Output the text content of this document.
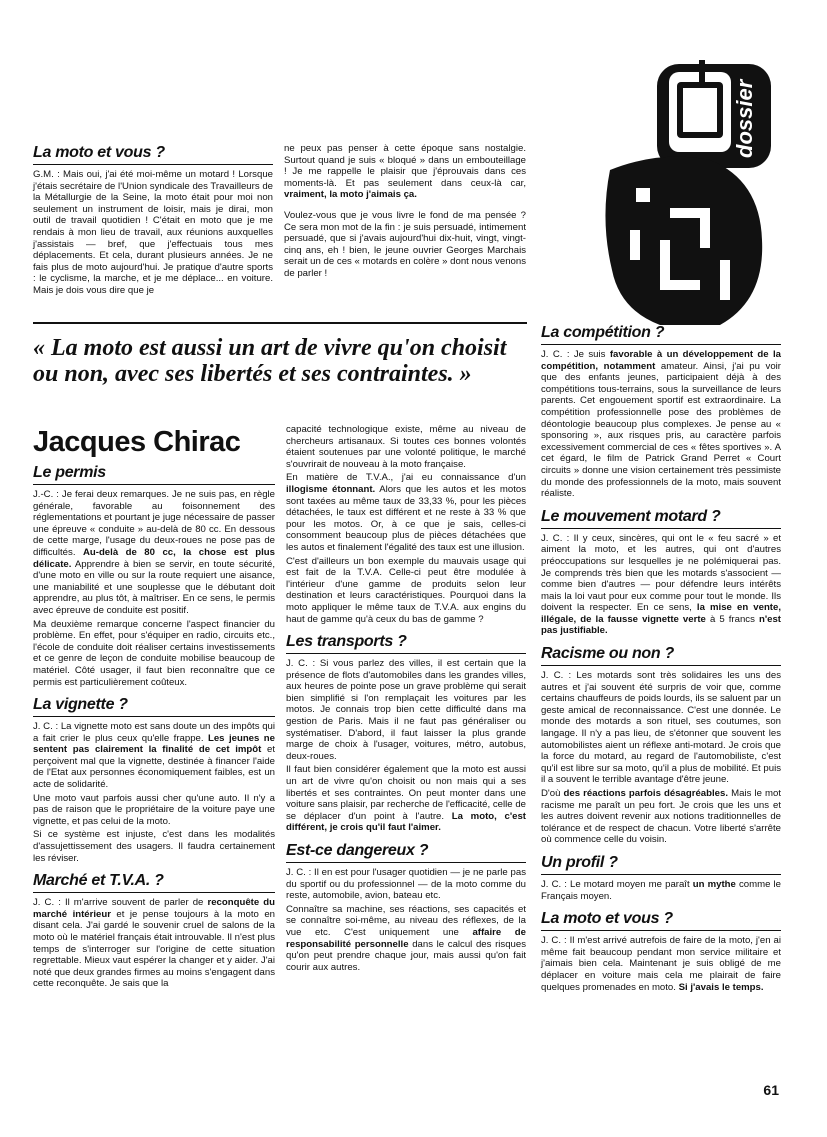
dossier
La moto et vous ?

G.M. : Mais oui, j'ai été moi-même un motard ! Lorsque j'étais secrétaire de l'Union syndicale des Travailleurs de la Métallurgie de la Seine, la moto était pour moi non seulement un instrument de loisir, mais je dirai, mon outil de travail quotidien ! C'était en moto que je me rendais à mon lieu de travail, aux réunions auxquelles j'assistais — bref, que j'effectuais tous mes déplacements. Et cela, durant plusieurs années. Je ne fais plus de moto aujourd'hui. Je pratique d'autre sports : le cyclisme, la marche, et je me déplace... en voiture. Mais je dois vous dire que je

ne peux pas penser à cette époque sans nostalgie. Surtout quand je suis « bloqué » dans un embouteillage ! Je me rappelle le plaisir que j'éprouvais dans ces moments-là. Et pas seulement dans ceux-là car, vraiment, la moto j'aimais ça.

Voulez-vous que je vous livre le fond de ma pensée ? Ce sera mon mot de la fin : je suis persuadé, intimement persuadé, que si j'avais aujourd'hui dix-huit, vingt, vingt-cinq ans, eh ! bien, le jeune ouvrier Georges Marchais serait un de ces « motards en colère » dont nous venons de parler !

« La moto est aussi un art de vivre qu'on choisit ou non, avec ses libertés et ses contraintes. »
Jacques Chirac
Le permis

J.-C. : Je ferai deux remarques. Je ne suis pas, en règle générale, favorable au foisonnement des réglementations et pourtant je juge nécessaire de passer une épreuve « conduite » au-delà de 80 cc. En dessous de cette marge, l'usage du deux-roues ne pose pas de difficultés. Au-delà de 80 cc, la chose est plus délicate. Apprendre à bien se servir, en toute sécurité, d'une moto en ville ou sur la route requiert une aisance, une maniabilité et une souplesse que le débutant doit apprendre, au plus tôt, à maîtriser. En ce sens, le permis avec épreuve de conduite est positif.

Ma deuxième remarque concerne l'aspect financier du problème. En effet, pour s'équiper en radio, circuits etc., l'école de conduite doit réaliser certains investissements et ce genre de leçon de conduite mobilise beaucoup de matériel. Côté usager, il faut bien reconnaître que ce permis est particulièrement coûteux.

La vignette ?

J. C. : La vignette moto est sans doute un des impôts qui a fait crier le plus ceux qu'elle frappe. Les jeunes ne sentent pas clairement la finalité de cet impôt et perçoivent mal que la vignette, destinée à financer l'aide de l'Etat aux personnes économiquement faibles, est un acte de solidarité.

Une moto vaut parfois aussi cher qu'une auto. Il n'y a pas de raison que le propriétaire de la voiture paye une vignette, et pas celui de la moto.

Si ce système est injuste, c'est dans les modalités d'assujettissement des usagers. Il faudra certainement les réviser.

Marché et T.V.A. ?

J. C. : Il m'arrive souvent de parler de reconquête du marché intérieur et je pense toujours à la moto en disant cela. J'ai gardé le souvenir cruel de salons de la moto où le matériel français était introuvable. Il n'est plus temps de s'interroger sur l'origine de cette situation regrettable. Mieux vaut espérer la changer et y aider. J'ai noté que deux grandes firmes au moins s'engagent dans cette reconquête. Je sais que la

capacité technologique existe, même au niveau de chercheurs artisanaux. Si toutes ces bonnes volontés étaient soutenues par une volonté politique, le marché s'ouvrirait de nouveau à la moto française.

En matière de T.V.A., j'ai eu connaissance d'un illogisme étonnant. Alors que les autos et les motos sont taxées au même taux de 33,33 %, pour les pièces détachées, le taux est différent et ne reste à 33 % que pour les motos. Or, à ce que je sais, celles-ci consomment beaucoup plus de pièces détachées que les autos et finalement l'égalité des taux est une illusion.

C'est d'ailleurs un bon exemple du mauvais usage qui est fait de la T.V.A. Celle-ci peut être modulée à l'intérieur d'une gamme de produits selon leur destination et leurs caractéristiques. Pourquoi dans la moto appliquer le même taux de T.V.A. aux engins du haut de gamme qu'à ceux du bas de gamme ?

Les transports ?

J. C. : Si vous parlez des villes, il est certain que la présence de flots d'automobiles dans les grandes villes, aux heures de pointe pose un grave problème qui serait bien simplifié si l'on remplaçait les voitures par les motos. Je connais trop bien cette difficulté dans ma gestion de Paris. Mais il ne faut pas généraliser ou systématiser. D'abord, il faut laisser la plus grande marge de choix à l'usager, voitures, métro, autobus, deux-roues.

Il faut bien considérer également que la moto est aussi un art de vivre qu'on choisit ou non mais qui a ses libertés et ses contraintes. On peut monter dans une voiture sans plaisir, par recherche de l'efficacité, celle de se déplacer d'un point à l'autre. La moto, c'est différent, je crois qu'il faut l'aimer.

Est-ce dangereux ?

J. C. : Il en est pour l'usager quotidien — je ne parle pas du sportif ou du professionnel — de la moto comme du reste, automobile, avion, bateau etc.

Connaître sa machine, ses réactions, ses capacités et se connaître soi-même, au niveau des réflexes, de la vue etc. C'est uniquement une affaire de responsabilité personnelle dans le calcul des risques qu'on peut prendre chaque jour, mais aussi qu'on fait courir aux autres.

La compétition ?

J. C. : Je suis favorable à un développement de la compétition, notamment amateur. Ainsi, j'ai pu voir que des enfants jeunes, participaient déjà à des compétitions tous-terrains, sous la surveillance de leurs parents. Cet engouement sportif est extraordinaire. La compétition professionnelle pose des problèmes de déontologie beaucoup plus complexes. Je pense au « sponsoring », aux risques pris, au caractère parfois excessivement commercial de ces « fêtes sportives ». A cet égard, le film de Patrick Grand Perret « Court circuits » donne une vision certainement très pessimiste du monde des professionnels de la moto, mais souvent réaliste.

Le mouvement motard ?

J. C. : Il y ceux, sincères, qui ont le « feu sacré » et aiment la moto, et les autres, qui ont d'autres préoccupations sur lesquelles je ne polémiquerai pas. Je comprends très bien que les motards s'associent — comme bien d'autres — pour défendre leurs intérêts mais la loi vaut pour eux comme pour tout le monde. Ils doivent la respecter. En ce sens, la mise en vente, illégale, de la fausse vignette verte à 5 francs n'est pas justifiable.

Racisme ou non ?

J. C. : Les motards sont très solidaires les uns des autres et j'ai souvent été surpris de voir que, comme certains chauffeurs de poids lourds, ils se saluent par un geste amical de reconnaissance. C'est une donnée. Le monde des motards a son rituel, ses coutumes, son langage. Il n'y a pas lieu, de s'étonner que souvent les automobilistes aient un réflexe anti-motard. Je crois que la force du motard, au regard de l'automobiliste, c'est qu'il est libre sur sa moto, qu'il a plus de mobilité. Et puis il a souvent le terrible avantage d'être jeune.

D'où des réactions parfois désagréables. Mais le mot racisme me paraît un peu fort. Je crois que les uns et les autres doivent revenir aux notions traditionnelles de tolérance et de respect de chacun. Votre liberté s'arrête où commence celle du voisin.

Un profil ?

J. C. : Le motard moyen me paraît un mythe comme le Français moyen.

La moto et vous ?

J. C. : Il m'est arrivé autrefois de faire de la moto, j'en ai même fait beaucoup pendant mon service militaire et j'aimais bien cela. Maintenant je suis obligé de me déplacer en voiture mais cela me plairait de faire quelques promenades en moto. Si j'avais le temps.

61
